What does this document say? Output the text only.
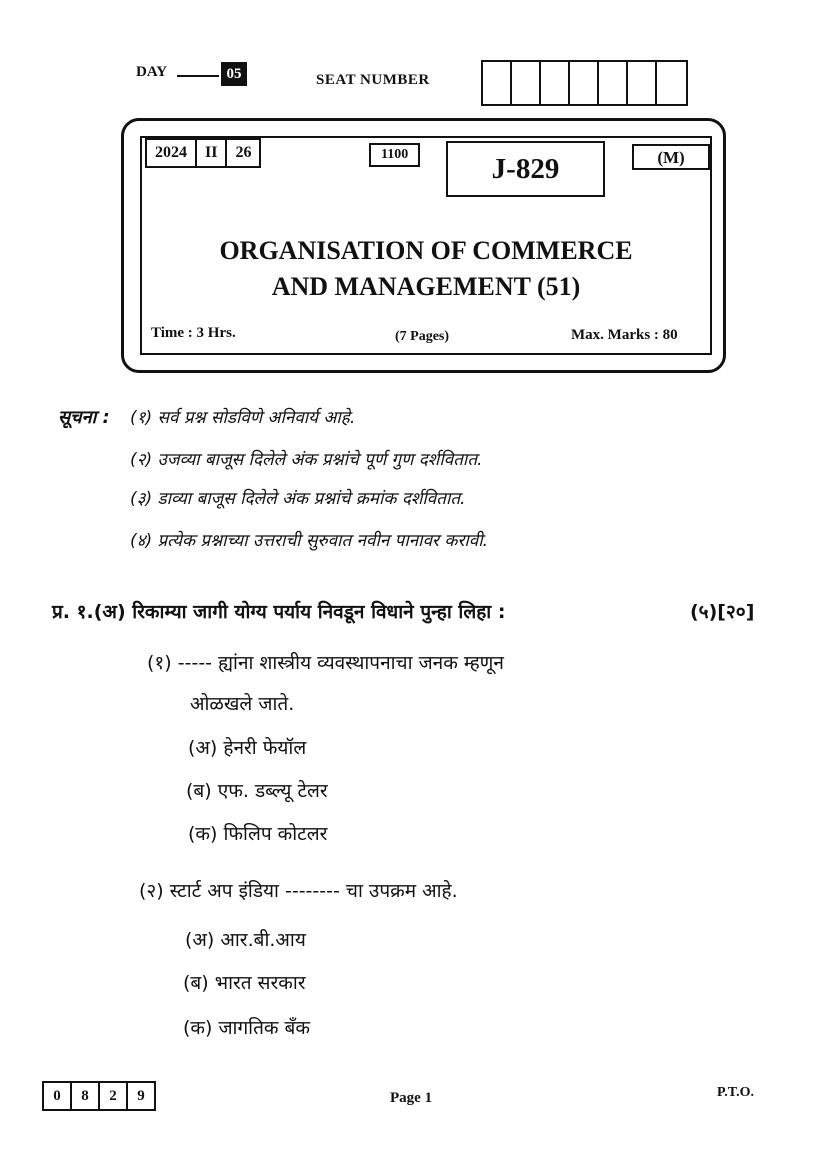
DAY	05	SEAT NUMBER
2024	II	26	1100	J-829	(M)
ORGANISATION OF COMMERCE
AND MANAGEMENT (51)
Time : 3 Hrs.	(7 Pages)	Max. Marks : 80
सूचना : (१) सर्व प्रश्न सोडविणे अनिवार्य आहे.
(२) उजव्या बाजूस दिलेले अंक प्रश्नांचे पूर्ण गुण दर्शवितात.
(३) डाव्या बाजूस दिलेले अंक प्रश्नांचे क्रमांक दर्शवितात.
(४) प्रत्येक प्रश्नाच्या उत्तराची सुरुवात नवीन पानावर करावी.
प्र. १.(अ) रिकाम्या जागी योग्य पर्याय निवडून विधाने पुन्हा लिहा :	(५)[२०]
(१) ----- ह्यांना शास्त्रीय व्यवस्थापनाचा जनक म्हणून
ओळखले जाते.
(अ) हेनरी फेयॉल
(ब) एफ. डब्ल्यू टेलर
(क) फिलिप कोटलर
(२) स्टार्ट अप इंडिया -------- चा उपक्रम आहे.
(अ) आर.बी.आय
(ब) भारत सरकार
(क) जागतिक बँक
0	8	2	9	Page 1	P.T.O.
